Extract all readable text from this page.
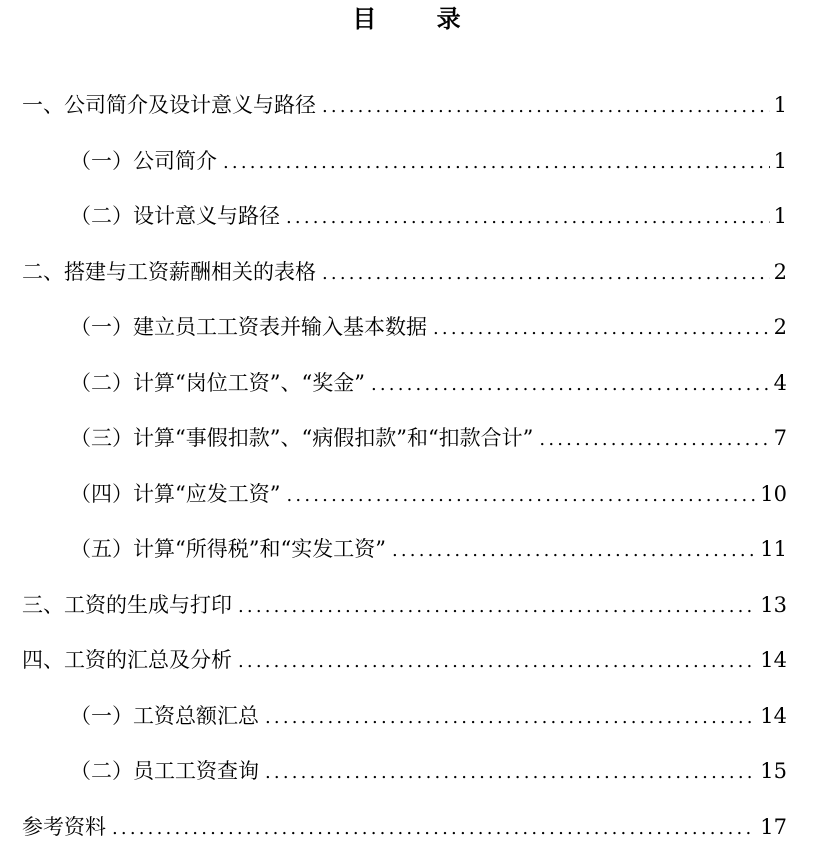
目 录
一、公司简介及设计意义与路径 .....	1
（一）公司简介 .....	1
（二）设计意义与路径 .....	1
二、搭建与工资薪酬相关的表格 .....	2
（一）建立员工工资表并输入基本数据 .....	2
（二）计算“岗位工资”、“奖金” .....	4
（三）计算“事假扣款”、“病假扣款”和“扣款合计” .....	7
（四）计算“应发工资” .....	10
（五）计算“所得税”和“实发工资” .....	11
三、工资的生成与打印 .....	13
四、工资的汇总及分析 .....	14
（一）工资总额汇总 .....	14
（二）员工工资查询 .....	15
参考资料 .....	17
